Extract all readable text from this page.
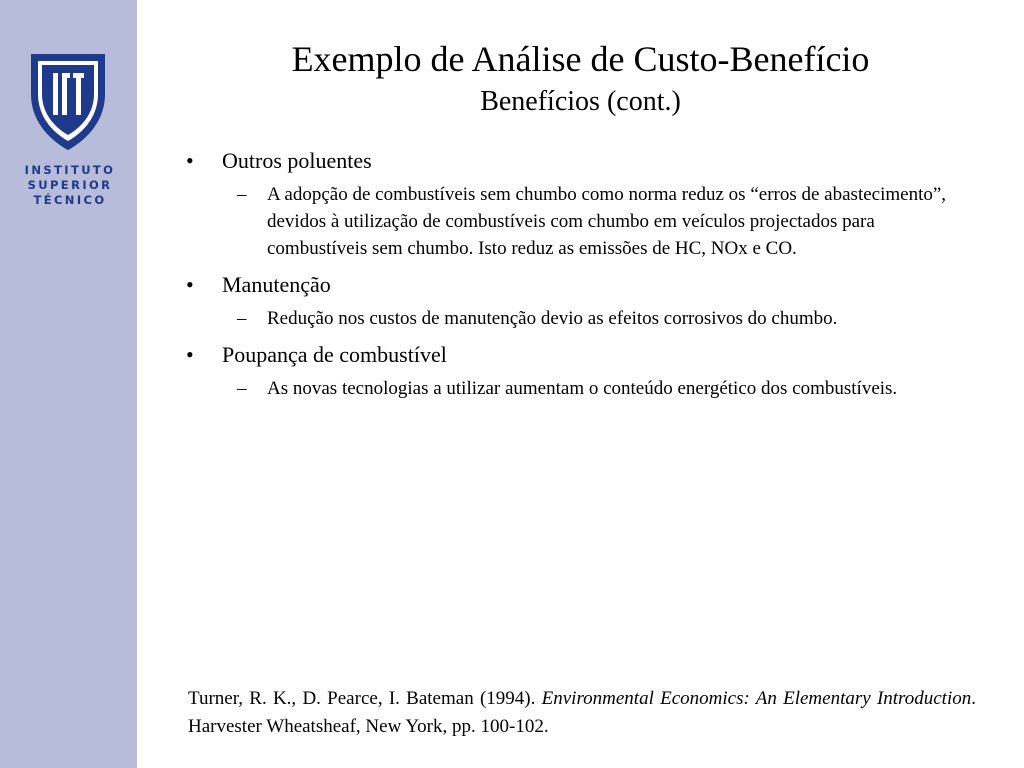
INSTITUTO
SUPERIOR
TÉCNICO
Exemplo de Análise de Custo-Benefício
Benefícios (cont.)
• Outros poluentes
– A adopção de combustíveis sem chumbo como norma reduz os “erros de abastecimento”, devidos à utilização de combustíveis com chumbo em veículos projectados para combustíveis sem chumbo. Isto reduz as emissões de HC, NOx e CO.
• Manutenção
– Redução nos custos de manutenção devio as efeitos corrosivos do chumbo.
• Poupança de combustível
– As novas tecnologias a utilizar aumentam o conteúdo energético dos combustíveis.
Turner, R. K., D. Pearce, I. Bateman (1994). Environmental Economics: An Elementary Introduction. Harvester Wheatsheaf, New York, pp. 100-102.
